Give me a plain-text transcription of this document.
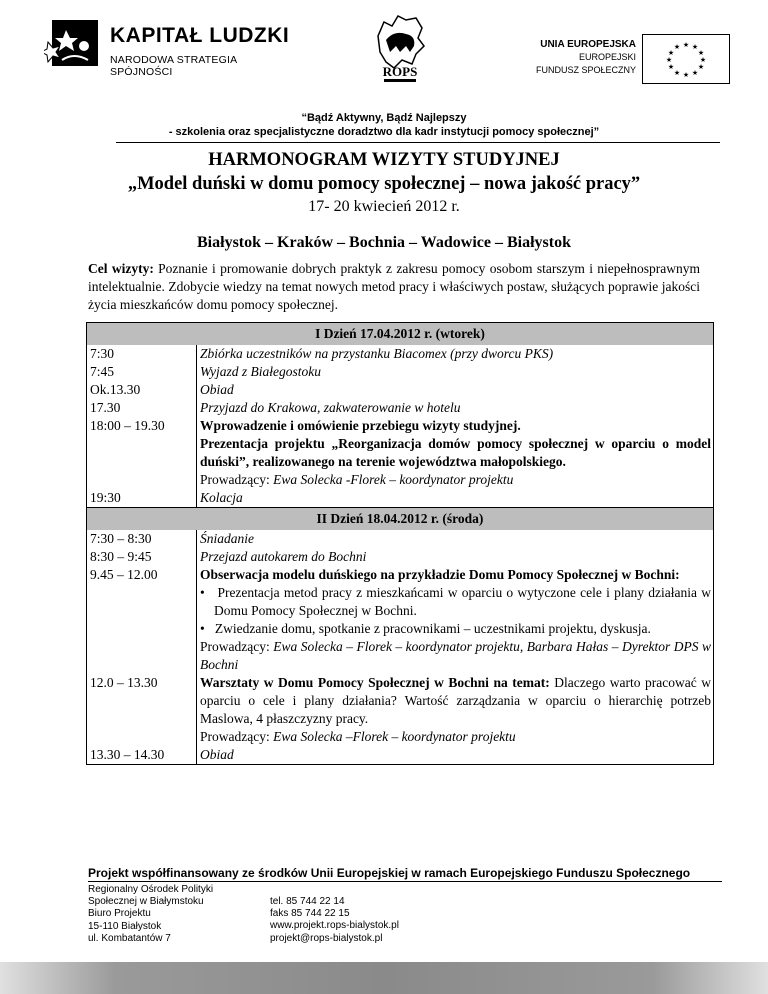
KAPITAŁ LUDZKI
NARODOWA STRATEGIA SPÓJNOŚCI	ROPS
UNIA EUROPEJSKA
EUROPEJSKI
FUNDUSZ SPOŁECZNY
★ ★
★
★
★
★
★
★
★
★
★
★
“Bądź Aktywny, Bądź Najlepszy
- szkolenia oraz specjalistyczne doradztwo dla kadr instytucji pomocy społecznej”
HARMONOGRAM WIZYTY STUDYJNEJ
„Model duński w domu pomocy społecznej – nowa jakość pracy”
17- 20 kwiecień 2012 r.
Białystok – Kraków – Bochnia – Wadowice – Białystok
Cel wizyty: Poznanie i promowanie dobrych praktyk z zakresu pomocy osobom starszym i niepełnosprawnym intelektualnie. Zdobycie wiedzy na temat nowych metod pracy i właściwych postaw, służących poprawie jakości życia mieszkańców domu pomocy społecznej.
I Dzień 17.04.2012 r. (wtorek)	
7:30	Zbiórka uczestników na przystanku Biacomex (przy dworcu PKS)
7:45	Wyjazd z Białegostoku
Ok.13.30	Obiad
17.30	Przyjazd do Krakowa, zakwaterowanie w hotelu
18:00 – 19.30	Wprowadzenie i omówienie przebiegu wizyty studyjnej.
Prezentacja projektu „Reorganizacja domów pomocy społecznej w oparciu o model duński”, realizowanego na terenie województwa małopolskiego.
Prowadzący: Ewa Solecka -Florek – koordynator projektu
19:30	Kolacja
II Dzień 18.04.2012 r. (środa)	
7:30 – 8:30	Śniadanie
8:30 – 9:45	Przejazd autokarem do Bochni
9.45 – 12.00	Obserwacja modelu duńskiego na przykładzie Domu Pomocy Społecznej w Bochni:
•   Prezentacja metod pracy z mieszkańcami w oparciu o wytyczone cele i plany działania w Domu Pomocy Społecznej w Bochni.
•   Zwiedzanie domu, spotkanie z pracownikami – uczestnikami projektu, dyskusja.
Prowadzący: Ewa Solecka – Florek – koordynator projektu, Barbara Hałas – Dyrektor DPS w Bochni
12.0 – 13.30	Warsztaty w Domu Pomocy Społecznej w Bochni na temat: Dlaczego warto pracować w oparciu o cele i plany działania? Wartość zarządzania w oparciu o hierarchię potrzeb Maslowa, 4 płaszczyzny pracy.
Prowadzący: Ewa Solecka –Florek – koordynator projektu
13.30 – 14.30	Obiad
Projekt współfinansowany ze środków Unii Europejskiej w ramach Europejskiego Funduszu Społecznego
Regionalny Ośrodek Polityki
Społecznej w Białymstoku
Biuro Projektu
15-110 Białystok
ul. Kombatantów 7
tel. 85 744 22 14
faks 85 744 22 15
www.projekt.rops-bialystok.pl
projekt@rops-bialystok.pl
